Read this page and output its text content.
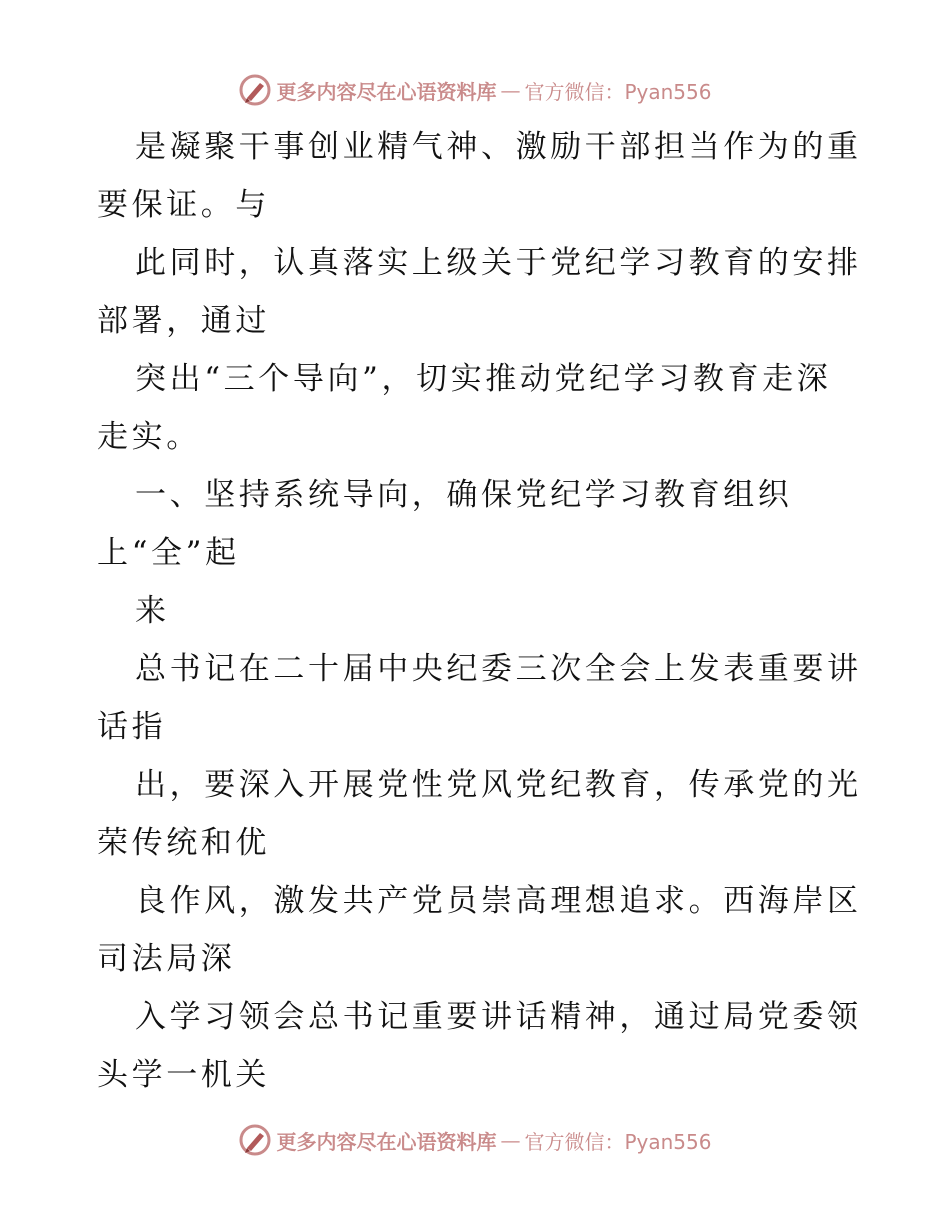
更多内容尽在心语资料库 — 官方微信：Pyan556
是凝聚干事创业精气神、激励干部担当作为的重
要保证。与
此同时，认真落实上级关于党纪学习教育的安排
部署，通过
突出“三个导向”，切实推动党纪学习教育走深
走实。
一、坚持系统导向，确保党纪学习教育组织
上“全”起
来
总书记在二十届中央纪委三次全会上发表重要讲
话指
出，要深入开展党性党风党纪教育，传承党的光
荣传统和优
良作风，激发共产党员崇高理想追求。西海岸区
司法局深
入学习领会总书记重要讲话精神，通过局党委领
头学一机关
更多内容尽在心语资料库 — 官方微信：Pyan556
